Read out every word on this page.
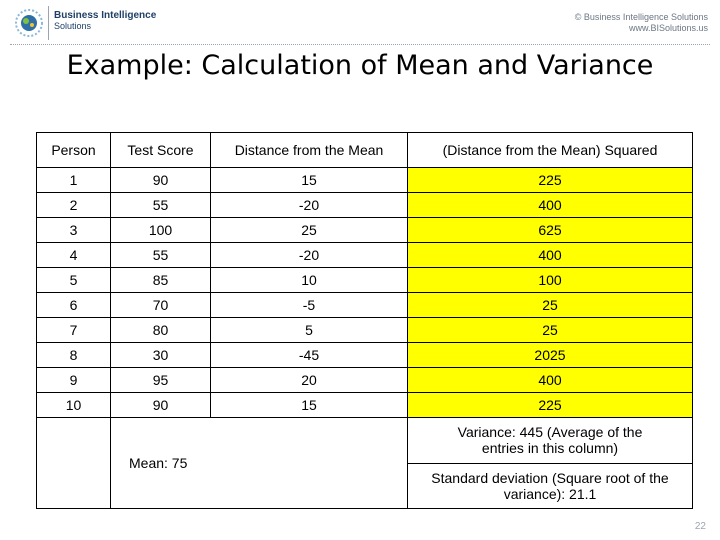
Business Intelligence
Solutions
© Business Intelligence Solutions
www.BISolutions.us
Example: Calculation of Mean and Variance
Person	Test Score	Distance from the Mean	(Distance from the Mean) Squared
1	90	15	225
2	55	-20	400
3	100	25	625
4	55	-20	400
5	85	10	100
6	70	-5	25
7	80	5	25
8	30	-45	2025
9	95	20	400
10	90	15	225
	Mean: 75		Variance: 445 (Average of the entries in this column)
			Standard deviation (Square root of the variance): 21.1
22
